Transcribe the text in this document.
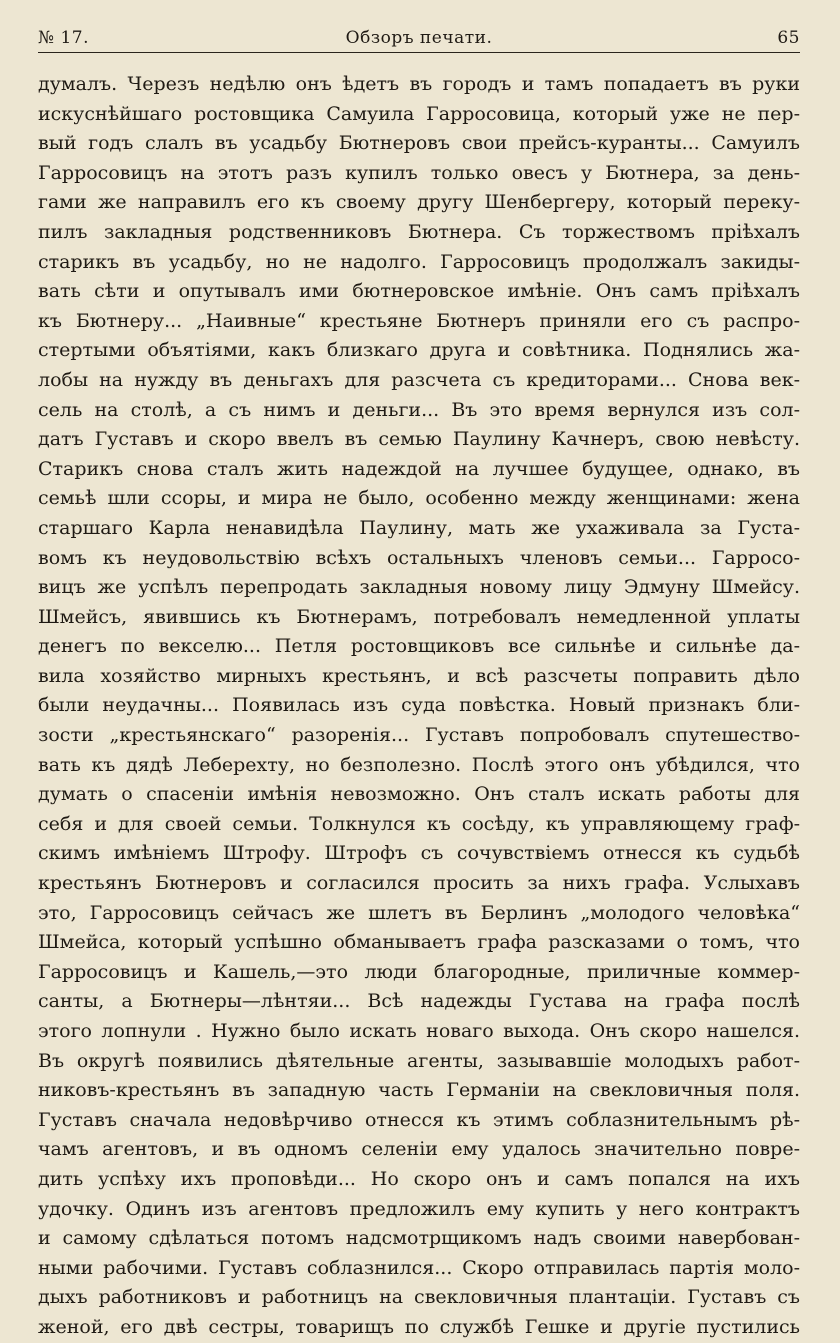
№ 17.	Обзоръ печати.	65
думалъ. Черезъ недѣлю онъ ѣдетъ въ городъ и тамъ попадаетъ въ руки
искуснѣйшаго ростовщика Самуила Гарросовица, который уже не пер-
вый годъ слалъ въ усадьбу Бютнеровъ свои прейсъ-куранты... Самуилъ
Гарросовицъ на этотъ разъ купилъ только овесъ у Бютнера, за день-
гами же направилъ его къ своему другу Шенбергеру, который переку-
пилъ закладныя родственниковъ Бютнера. Съ торжествомъ пріѣхалъ
старикъ въ усадьбу, но не надолго. Гарросовицъ продолжалъ закиды-
вать сѣти и опутывалъ ими бютнеровское имѣніе. Онъ самъ пріѣхалъ
къ Бютнеру... „Наивные“ крестьяне Бютнеръ приняли его съ распро-
стертыми объятіями, какъ близкаго друга и совѣтника. Поднялись жа-
лобы на нужду въ деньгахъ для разсчета съ кредиторами... Снова век-
сель на столѣ, а съ нимъ и деньги... Въ это время вернулся изъ сол-
датъ Густавъ и скоро ввелъ въ семью Паулину Качнеръ, свою невѣсту.
Старикъ снова сталъ жить надеждой на лучшее будущее, однако, въ
семьѣ шли ссоры, и мира не было, особенно между женщинами: жена
старшаго Карла ненавидѣла Паулину, мать же ухаживала за Густа-
вомъ къ неудовольствію всѣхъ остальныхъ членовъ семьи... Гарросо-
вицъ же успѣлъ перепродать закладныя новому лицу Эдмуну Шмейсу.
Шмейсъ, явившись къ Бютнерамъ, потребовалъ немедленной уплаты
денегъ по векселю... Петля ростовщиковъ все сильнѣе и сильнѣе да-
вила хозяйство мирныхъ крестьянъ, и всѣ разсчеты поправить дѣло
были неудачны... Появилась изъ суда повѣстка. Новый признакъ бли-
зости „крестьянскаго“ разоренія... Густавъ попробовалъ спутешество-
вать къ дядѣ Леберехту, но безполезно. Послѣ этого онъ убѣдился, что
думать о спасеніи имѣнія невозможно. Онъ сталъ искать работы для
себя и для своей семьи. Толкнулся къ сосѣду, къ управляющему граф-
скимъ имѣніемъ Штрофу. Штрофъ съ сочувствіемъ отнесся къ судьбѣ
крестьянъ Бютнеровъ и согласился просить за нихъ графа. Услыхавъ
это, Гарросовицъ сейчасъ же шлетъ въ Берлинъ „молодого человѣка“
Шмейса, который успѣшно обманываетъ графа разсказами о томъ, что
Гарросовицъ и Кашель,—это люди благородные, приличные коммер-
санты, а Бютнеры—лѣнтяи... Всѣ надежды Густава на графа послѣ
этого лопнули . Нужно было искать новаго выхода. Онъ скоро нашелся.
Въ округѣ появились дѣятельные агенты, зазывавшіе молодыхъ работ-
никовъ-крестьянъ въ западную часть Германіи на свекловичныя поля.
Густавъ сначала недовѣрчиво отнесся къ этимъ соблазнительнымъ рѣ-
чамъ агентовъ, и въ одномъ селеніи ему удалось значительно повре-
дить успѣху ихъ проповѣди... Но скоро онъ и самъ попался на ихъ
удочку. Одинъ изъ агентовъ предложилъ ему купить у него контрактъ
и самому сдѣлаться потомъ надсмотрщикомъ надъ своими навербован-
ными рабочими. Густавъ соблазнился... Скоро отправилась партія моло-
дыхъ работниковъ и работницъ на свекловичныя плантаціи. Густавъ съ
женой, его двѣ сестры, товарищъ по службѣ Гешке и другіе пустились
